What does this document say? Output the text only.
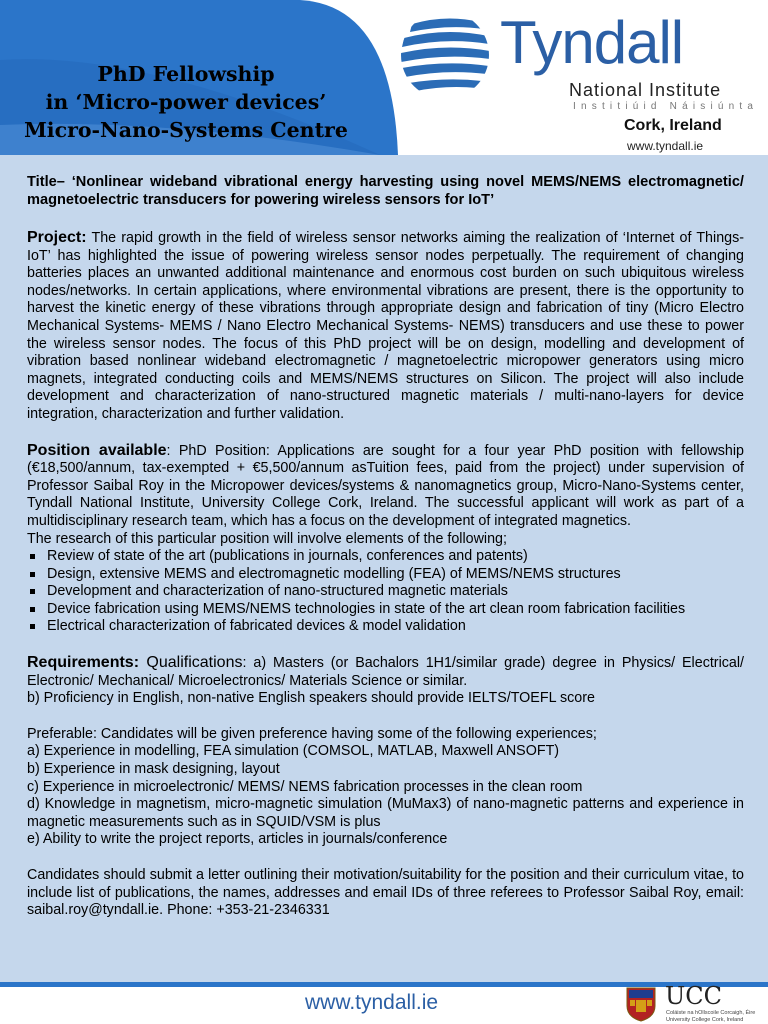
PhD Fellowship
in ‘Micro-power devices’
Micro-Nano-Systems Centre
Tyndall
National Institute
Institiúid Náisiúnta
Cork, Ireland
www.tyndall.ie

Title– ‘Nonlinear wideband vibrational energy harvesting using novel MEMS/NEMS electromagnetic/ magnetoelectric transducers for powering wireless sensors for IoT’

Project: The rapid growth in the field of wireless sensor networks aiming the realization of ‘Internet of Things- IoT’ has highlighted the issue of powering wireless sensor nodes perpetually. The requirement of changing batteries places an unwanted additional maintenance and enormous cost burden on such ubiquitous wireless nodes/networks. In certain applications, where environmental vibrations are present, there is the opportunity to harvest the kinetic energy of these vibrations through appropriate design and fabrication of tiny (Micro Electro Mechanical Systems- MEMS / Nano Electro Mechanical Systems- NEMS) transducers and use these to power the wireless sensor nodes. The focus of this PhD project will be on design, modelling and development of vibration based nonlinear wideband electromagnetic / magnetoelectric micropower generators using micro magnets, integrated conducting coils and MEMS/NEMS structures on Silicon. The project will also include development and characterization of nano-structured magnetic materials / multi-nano-layers for device integration, characterization and further validation.

Position available: PhD Position: Applications are sought for a four year PhD position with fellowship (€18,500/annum, tax-exempted + €5,500/annum asTuition fees, paid from the project) under supervision of Professor Saibal Roy in the Micropower devices/systems & nanomagnetics group, Micro-Nano-Systems center, Tyndall National Institute, University College Cork, Ireland. The successful applicant will work as part of a multidisciplinary research team, which has a focus on the development of integrated magnetics.

The research of this particular position will involve elements of the following;

Review of state of the art (publications in journals, conferences and patents)
Design, extensive MEMS and electromagnetic modelling (FEA) of MEMS/NEMS structures
Development and characterization of nano-structured magnetic materials
Device fabrication using MEMS/NEMS technologies in state of the art clean room fabrication facilities
Electrical characterization of fabricated devices & model validation

Requirements: Qualifications: a) Masters (or Bachalors 1H1/similar grade) degree in Physics/ Electrical/ Electronic/ Mechanical/ Microelectronics/ Materials Science or similar.

b) Proficiency in English, non-native English speakers should provide IELTS/TOEFL score

Preferable: Candidates will be given preference having some of the following experiences;

a) Experience in modelling, FEA simulation (COMSOL, MATLAB, Maxwell ANSOFT)

b) Experience in mask designing, layout

c) Experience in microelectronic/ MEMS/ NEMS fabrication processes in the clean room

d) Knowledge in magnetism, micro-magnetic simulation (MuMax3) of nano-magnetic patterns and experience in magnetic measurements such as in SQUID/VSM is plus

e) Ability to write the project reports, articles in journals/conference

Candidates should submit a letter outlining their motivation/suitability for the position and their curriculum vitae, to include list of publications, the names, addresses and email IDs of three referees to Professor Saibal Roy, email: saibal.roy@tyndall.ie. Phone: +353-21-2346331

www.tyndall.ie	UCC
Coláiste na hOllscoile Corcaigh, Éire University College Cork, Ireland
